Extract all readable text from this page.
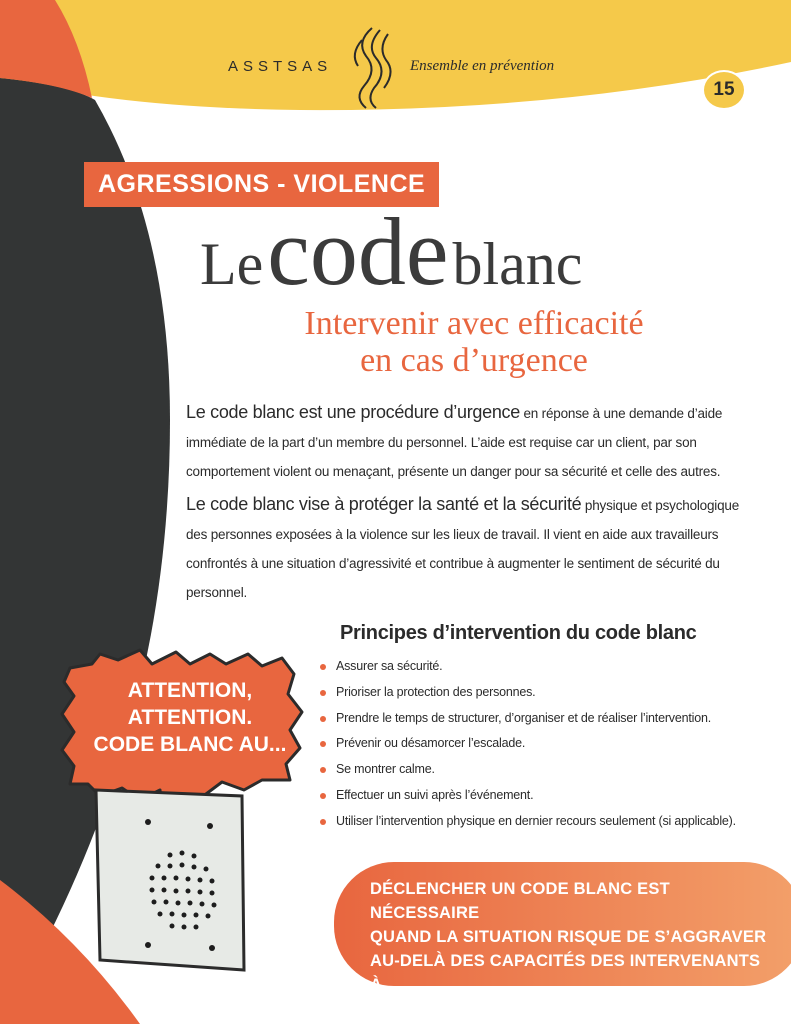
ASSTSAS	Ensemble en prévention
15
AGRESSIONS - VIOLENCE
Le code blanc
Intervenir avec efficacité
en cas d’urgence
Le code blanc est une procédure d’urgence en réponse à une demande d’aide immédiate de la part d’un membre du personnel. L’aide est requise car un client, par son comportement violent ou menaçant, présente un danger pour sa sécurité et celle des autres.
Le code blanc vise à protéger la santé et la sécurité physique et psychologique des personnes exposées à la violence sur les lieux de travail. Il vient en aide aux travailleurs confrontés à une situation d’agressivité et contribue à augmenter le sentiment de sécurité du personnel.
Principes d’intervention du code blanc
Assurer sa sécurité.
Prioriser la protection des personnes.
Prendre le temps de structurer, d’organiser et de réaliser l’intervention.
Prévenir ou désamorcer l’escalade.
Se montrer calme.
Effectuer un suivi après l’événement.
Utiliser l’intervention physique en dernier recours seulement (si applicable).
ATTENTION,
ATTENTION.
CODE BLANC AU...
DÉCLENCHER UN CODE BLANC EST NÉCESSAIRE
QUAND LA SITUATION RISQUE DE S’AGGRAVER
AU-DELÀ DES CAPACITÉS DES INTERVENANTS À
LA GÉRER EN TOUTE SÉCURITÉ
